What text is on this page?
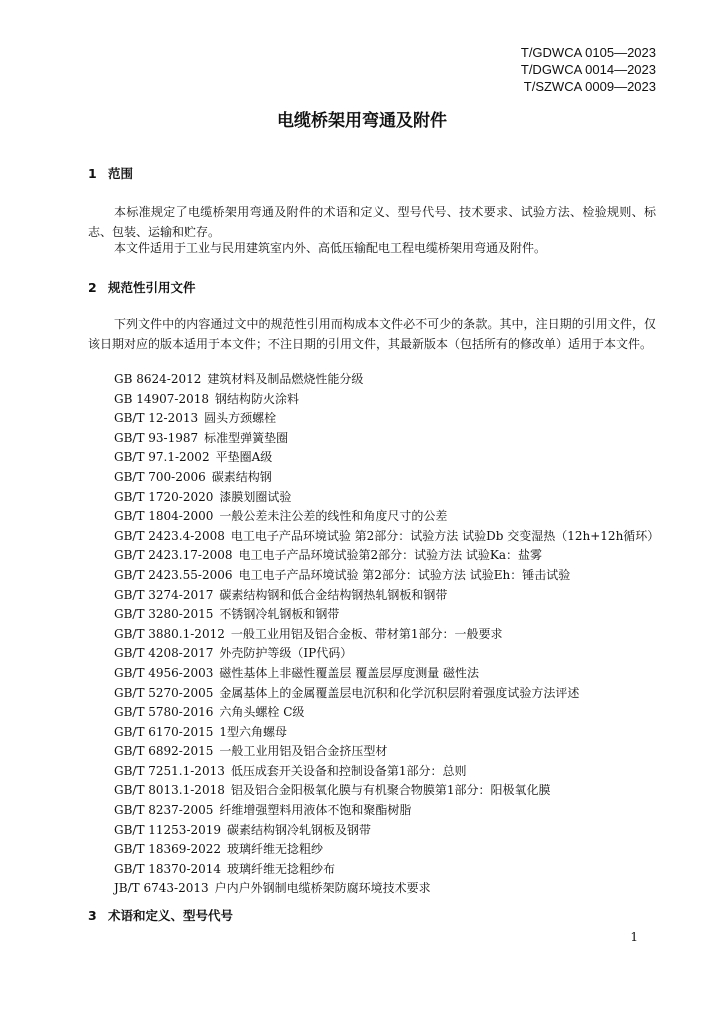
T/GDWCA 0105—2023
T/DGWCA 0014—2023
T/SZWCA 0009—2023
电缆桥架用弯通及附件
1 范围
本标准规定了电缆桥架用弯通及附件的术语和定义、型号代号、技术要求、试验方法、检验规则、标志、包装、运输和贮存。
本文件适用于工业与民用建筑室内外、高低压输配电工程电缆桥架用弯通及附件。
2 规范性引用文件
下列文件中的内容通过文中的规范性引用而构成本文件必不可少的条款。其中，注日期的引用文件，仅该日期对应的版本适用于本文件；不注日期的引用文件，其最新版本（包括所有的修改单）适用于本文件。
GB 8624-2012 建筑材料及制品燃烧性能分级
GB 14907-2018 钢结构防火涂料
GB/T 12-2013 圆头方颈螺栓
GB/T 93-1987 标准型弹簧垫圈
GB/T 97.1-2002 平垫圈A级
GB/T 700-2006 碳素结构钢
GB/T 1720-2020 漆膜划圈试验
GB/T 1804-2000 一般公差未注公差的线性和角度尺寸的公差
GB/T 2423.4-2008 电工电子产品环境试验 第2部分：试验方法 试验Db 交变湿热（12h+12h循环）
GB/T 2423.17-2008 电工电子产品环境试验第2部分：试验方法 试验Ka：盐雾
GB/T 2423.55-2006 电工电子产品环境试验 第2部分：试验方法 试验Eh：锤击试验
GB/T 3274-2017 碳素结构钢和低合金结构钢热轧钢板和钢带
GB/T 3280-2015 不锈钢冷轧钢板和钢带
GB/T 3880.1-2012 一般工业用铝及铝合金板、带材第1部分：一般要求
GB/T 4208-2017 外壳防护等级（IP代码）
GB/T 4956-2003 磁性基体上非磁性覆盖层 覆盖层厚度测量 磁性法
GB/T 5270-2005 金属基体上的金属覆盖层电沉积和化学沉积层附着强度试验方法评述
GB/T 5780-2016 六角头螺栓 C级
GB/T 6170-2015 1型六角螺母
GB/T 6892-2015 一般工业用铝及铝合金挤压型材
GB/T 7251.1-2013 低压成套开关设备和控制设备第1部分：总则
GB/T 8013.1-2018 铝及铝合金阳极氧化膜与有机聚合物膜第1部分：阳极氧化膜
GB/T 8237-2005 纤维增强塑料用液体不饱和聚酯树脂
GB/T 11253-2019 碳素结构钢冷轧钢板及钢带
GB/T 18369-2022 玻璃纤维无捻粗纱
GB/T 18370-2014 玻璃纤维无捻粗纱布
JB/T 6743-2013 户内户外钢制电缆桥架防腐环境技术要求
3 术语和定义、型号代号
1
